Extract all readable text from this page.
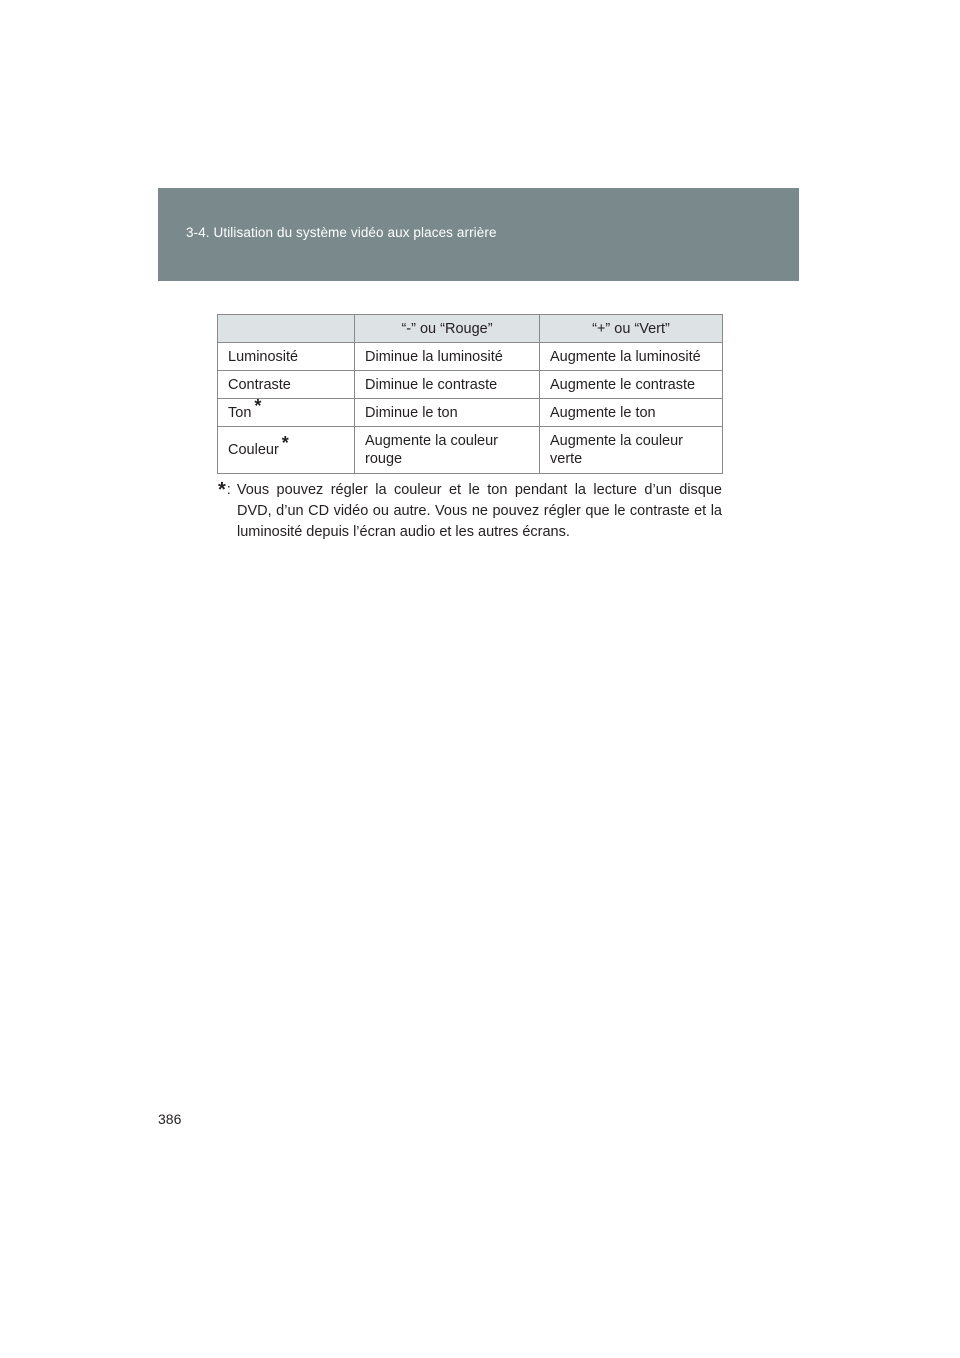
3-4. Utilisation du système vidéo aux places arrière
	“-” ou “Rouge”	“+” ou “Vert”
Luminosité	Diminue la luminosité	Augmente la luminosité
Contraste	Diminue le contraste	Augmente le contraste
Ton *	Diminue le ton	Augmente le ton
Couleur *	Augmente la couleur rouge	Augmente la couleur verte
* : Vous pouvez régler la couleur et le ton pendant la lecture d’un disque
DVD, d’un CD vidéo ou autre. Vous ne pouvez régler que le contraste et la luminosité depuis l’écran audio et les autres écrans.
386
